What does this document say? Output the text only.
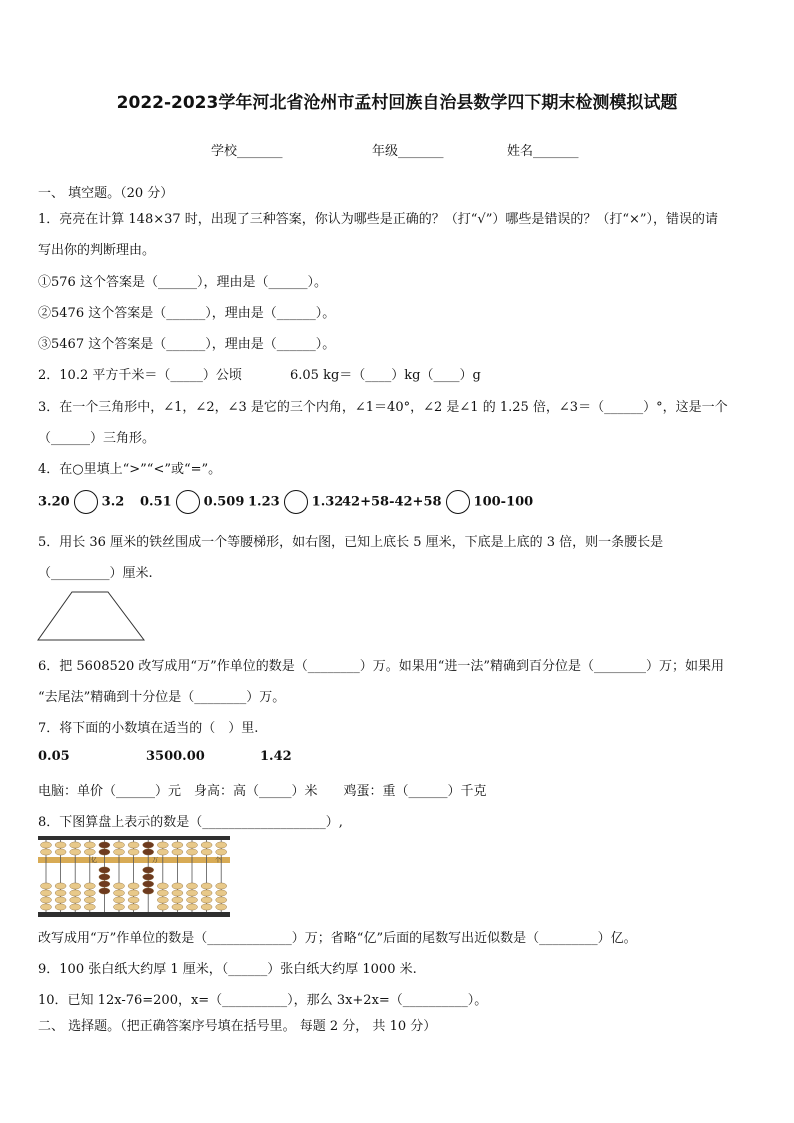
2022-2023学年河北省沧州市孟村回族自治县数学四下期末检测模拟试题
学校_______	年级_______	姓名_______
一、 填空题。（20 分）
1．亮亮在计算 148×37 时，出现了三种答案，你认为哪些是正确的？（打“√”）哪些是错误的？（打“×”），错误的请
写出你的判断理由。
①576 这个答案是（______），理由是（______）。
②5476 这个答案是（______），理由是（______）。
③5467 这个答案是（______），理由是（______）。
2．10.2 平方千米＝（_____）公顷	6.05 kg＝（____）kg（____）g
3．在一个三角形中，∠1，∠2，∠3 是它的三个内角，∠1＝40°，∠2 是∠1 的 1.25 倍，∠3＝（______）°，这是一个
（______）三角形。
4．在○里填上“>”“<”或“=”。
3.20 3.2 0.51 0.509 1.23 1.32
42+58-42+58 100-100
5．用长 36 厘米的铁丝围成一个等腰梯形，如右图，已知上底长 5 厘米，下底是上底的 3 倍，则一条腰长是
（_________）厘米.
6．把 5608520 改写成用“万”作单位的数是（________）万。如果用“进一法”精确到百分位是（________）万；如果用
“去尾法”精确到十分位是（________）万。
7．将下面的小数填在适当的（　）里.
0.05	3500.00	1.42
电脑：单价（______）元　身高：高（_____）米　　鸡蛋：重（______）千克
8．下图算盘上表示的数是（___________________）,
亿	万	个
改写成用“万”作单位的数是（_____________）万；省略“亿”后面的尾数写出近似数是（_________）亿。
9．100 张白纸大约厚 1 厘米，（______）张白纸大约厚 1000 米.
10．已知 12x-76=200，x=（__________），那么 3x+2x=（__________）。
二、 选择题。（把正确答案序号填在括号里。 每题 2 分， 共 10 分）
